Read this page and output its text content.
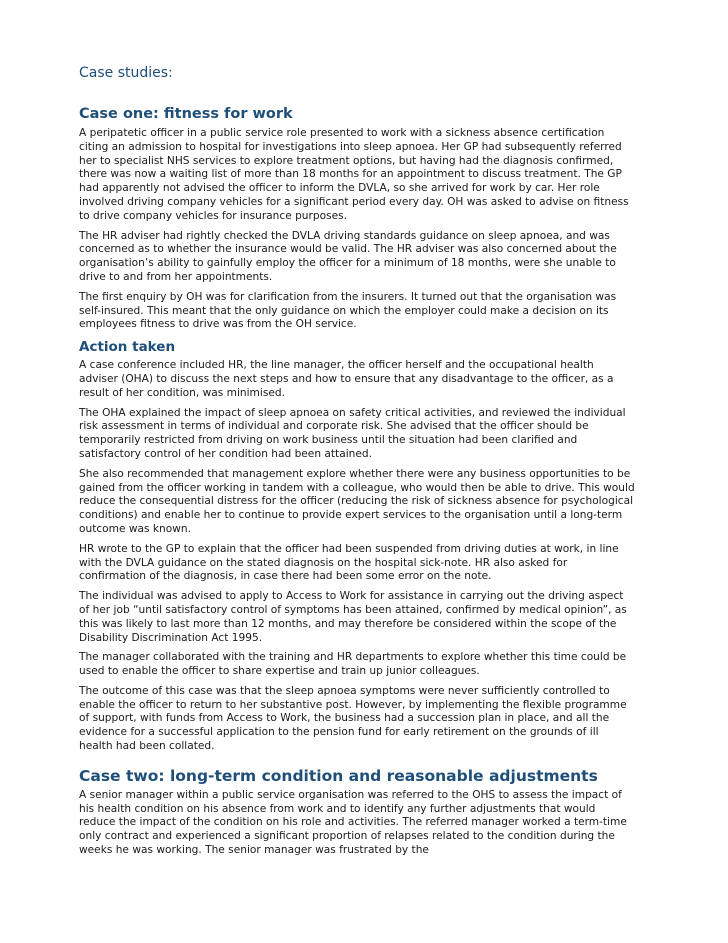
Case studies:
Case one: fitness for work

A peripatetic officer in a public service role presented to work with a sickness absence certification citing an admission to hospital for investigations into sleep apnoea. Her GP had subsequently referred her to specialist NHS services to explore treatment options, but having had the diagnosis confirmed, there was now a waiting list of more than 18 months for an appointment to discuss treatment. The GP had apparently not advised the officer to inform the DVLA, so she arrived for work by car. Her role involved driving company vehicles for a significant period every day. OH was asked to advise on fitness to drive company vehicles for insurance purposes.

The HR adviser had rightly checked the DVLA driving standards guidance on sleep apnoea, and was concerned as to whether the insurance would be valid. The HR adviser was also concerned about the organisation’s ability to gainfully employ the officer for a minimum of 18 months, were she unable to drive to and from her appointments.

The first enquiry by OH was for clarification from the insurers. It turned out that the organisation was self-insured. This meant that the only guidance on which the employer could make a decision on its employees fitness to drive was from the OH service.

Action taken

A case conference included HR, the line manager, the officer herself and the occupational health adviser (OHA) to discuss the next steps and how to ensure that any disadvantage to the officer, as a result of her condition, was minimised.

The OHA explained the impact of sleep apnoea on safety critical activities, and reviewed the individual risk assessment in terms of individual and corporate risk. She advised that the officer should be temporarily restricted from driving on work business until the situation had been clarified and satisfactory control of her condition had been attained.

She also recommended that management explore whether there were any business opportunities to be gained from the officer working in tandem with a colleague, who would then be able to drive. This would reduce the consequential distress for the officer (reducing the risk of sickness absence for psychological conditions) and enable her to continue to provide expert services to the organisation until a long-term outcome was known.

HR wrote to the GP to explain that the officer had been suspended from driving duties at work, in line with the DVLA guidance on the stated diagnosis on the hospital sick-note. HR also asked for confirmation of the diagnosis, in case there had been some error on the note.

The individual was advised to apply to Access to Work for assistance in carrying out the driving aspect of her job “until satisfactory control of symptoms has been attained, confirmed by medical opinion”, as this was likely to last more than 12 months, and may therefore be considered within the scope of the Disability Discrimination Act 1995.

The manager collaborated with the training and HR departments to explore whether this time could be used to enable the officer to share expertise and train up junior colleagues.

The outcome of this case was that the sleep apnoea symptoms were never sufficiently controlled to enable the officer to return to her substantive post. However, by implementing the flexible programme of support, with funds from Access to Work, the business had a succession plan in place, and all the evidence for a successful application to the pension fund for early retirement on the grounds of ill health had been collated.

Case two: long-term condition and reasonable adjustments

A senior manager within a public service organisation was referred to the OHS to assess the impact of his health condition on his absence from work and to identify any further adjustments that would reduce the impact of the condition on his role and activities. The referred manager worked a term-time only contract and experienced a significant proportion of relapses related to the condition during the weeks he was working. The senior manager was frustrated by the
